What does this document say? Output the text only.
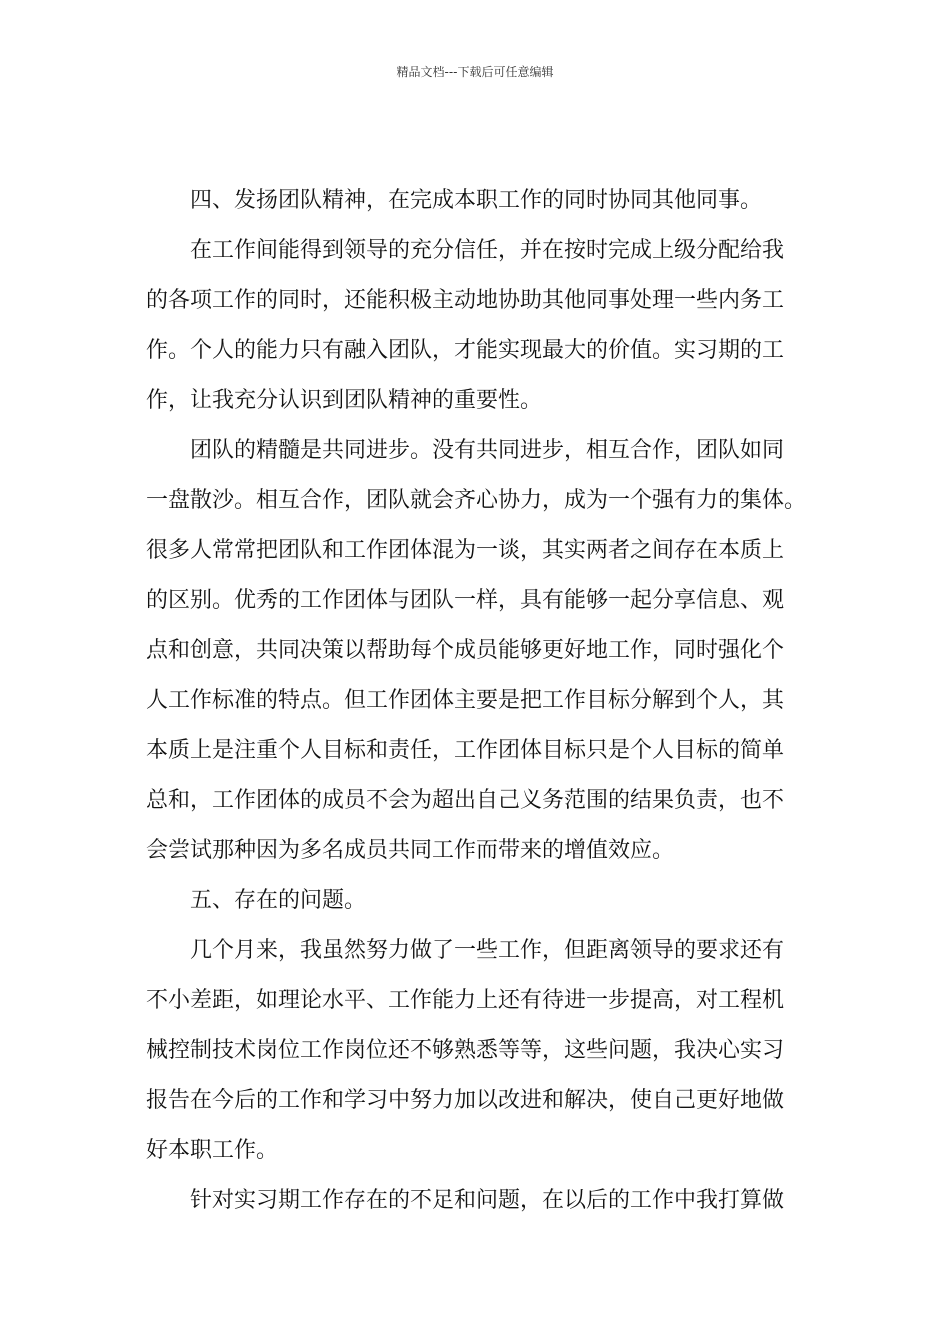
精品文档---下载后可任意编辑
四、发扬团队精神，在完成本职工作的同时协同其他同事。
在工作间能得到领导的充分信任，并在按时完成上级分配给我
的各项工作的同时，还能积极主动地协助其他同事处理一些内务工
作。个人的能力只有融入团队，才能实现最大的价值。实习期的工
作，让我充分认识到团队精神的重要性。
团队的精髓是共同进步。没有共同进步，相互合作，团队如同
一盘散沙。相互合作，团队就会齐心协力，成为一个强有力的集体。
很多人常常把团队和工作团体混为一谈，其实两者之间存在本质上
的区别。优秀的工作团体与团队一样，具有能够一起分享信息、观
点和创意，共同决策以帮助每个成员能够更好地工作，同时强化个
人工作标准的特点。但工作团体主要是把工作目标分解到个人，其
本质上是注重个人目标和责任，工作团体目标只是个人目标的简单
总和，工作团体的成员不会为超出自己义务范围的结果负责，也不
会尝试那种因为多名成员共同工作而带来的增值效应。
五、存在的问题。
几个月来，我虽然努力做了一些工作，但距离领导的要求还有
不小差距，如理论水平、工作能力上还有待进一步提高，对工程机
械控制技术岗位工作岗位还不够熟悉等等，这些问题，我决心实习
报告在今后的工作和学习中努力加以改进和解决，使自己更好地做
好本职工作。
针对实习期工作存在的不足和问题，在以后的工作中我打算做
